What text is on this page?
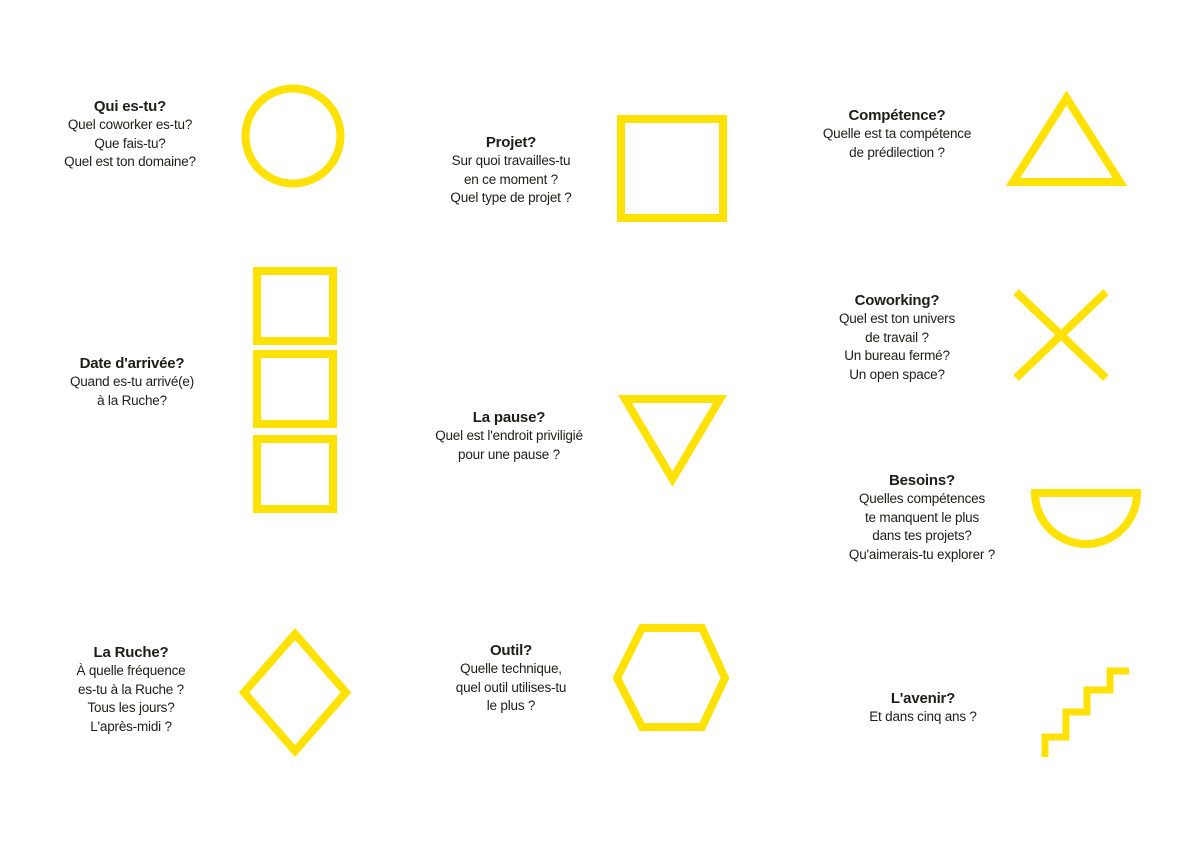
Qui es-tu?
Quel coworker es-tu?
Que fais-tu?
Quel est ton domaine?
Projet?
Sur quoi travailles-tu
en ce moment ?
Quel type de projet ?
Compétence?
Quelle est ta compétence
de prédilection ?
Date d'arrivée?
Quand es-tu arrivé(e)
à la Ruche?
Coworking?
Quel est ton univers
de travail ?
Un bureau fermé?
Un open space?
La pause?
Quel est l'endroit priviligié
pour une pause ?
Besoins?
Quelles compétences
te manquent le plus
dans tes projets?
Qu'aimerais-tu explorer ?
La Ruche?
À quelle fréquence
es-tu à la Ruche ?
Tous les jours?
L'après-midi ?
Outil?
Quelle technique,
quel outil utilises-tu
le plus ?	L'avenir?
Et dans cinq ans ?
